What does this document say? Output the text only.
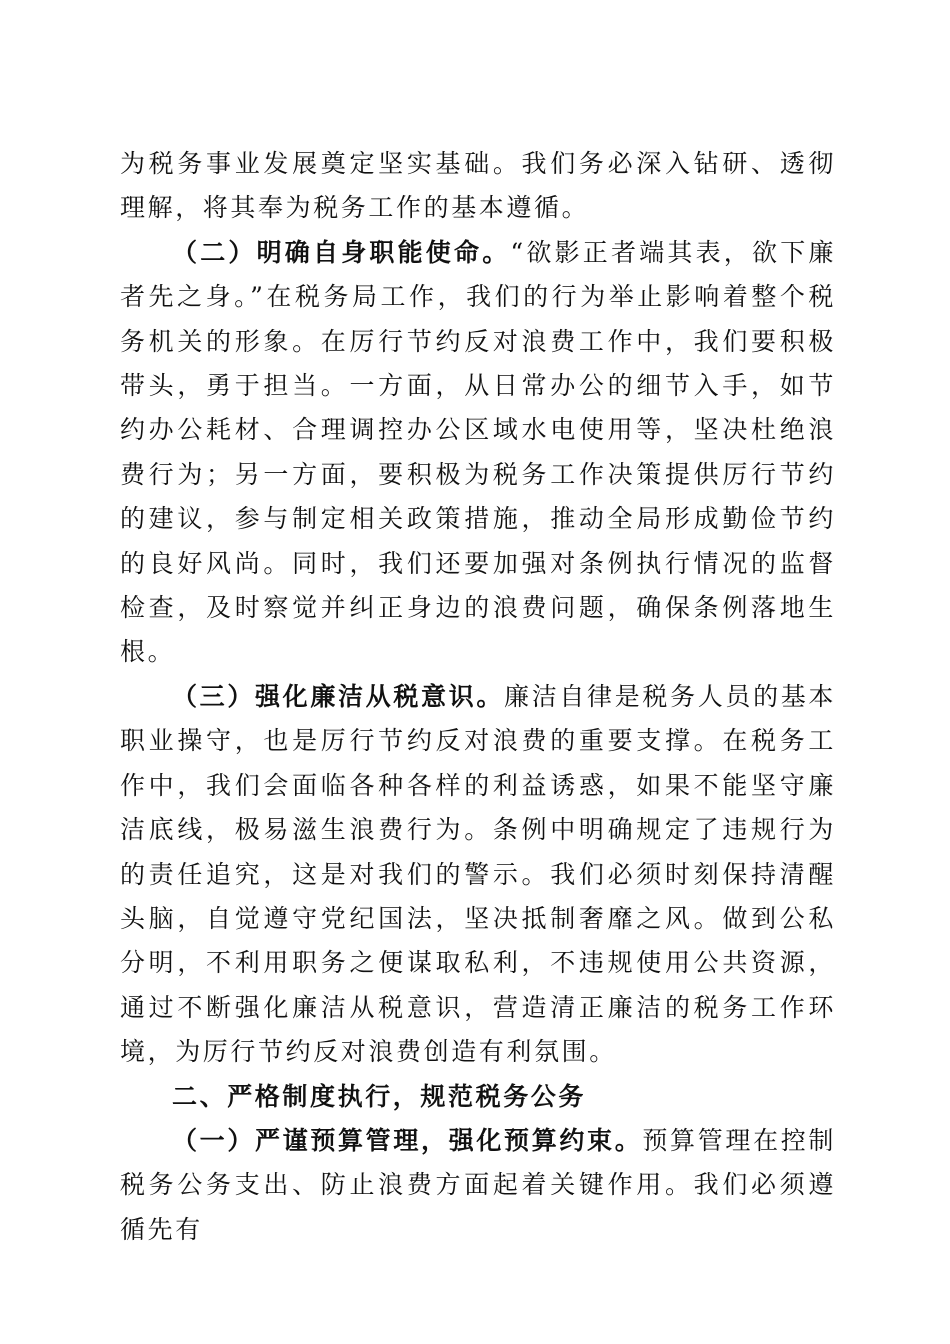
为税务事业发展奠定坚实基础。我们务必深入钻研、透彻理解，将其奉为税务工作的基本遵循。

（二）明确自身职能使命。“欲影正者端其表，欲下廉者先之身。”在税务局工作，我们的行为举止影响着整个税务机关的形象。在厉行节约反对浪费工作中，我们要积极带头，勇于担当。一方面，从日常办公的细节入手，如节约办公耗材、合理调控办公区域水电使用等，坚决杜绝浪费行为；另一方面，要积极为税务工作决策提供厉行节约的建议，参与制定相关政策措施，推动全局形成勤俭节约的良好风尚。同时，我们还要加强对条例执行情况的监督检查，及时察觉并纠正身边的浪费问题，确保条例落地生根。

（三）强化廉洁从税意识。廉洁自律是税务人员的基本职业操守，也是厉行节约反对浪费的重要支撑。在税务工作中，我们会面临各种各样的利益诱惑，如果不能坚守廉洁底线，极易滋生浪费行为。条例中明确规定了违规行为的责任追究，这是对我们的警示。我们必须时刻保持清醒头脑，自觉遵守党纪国法，坚决抵制奢靡之风。做到公私分明，不利用职务之便谋取私利，不违规使用公共资源，通过不断强化廉洁从税意识，营造清正廉洁的税务工作环境，为厉行节约反对浪费创造有利氛围。

二、严格制度执行，规范税务公务

（一）严谨预算管理，强化预算约束。预算管理在控制税务公务支出、防止浪费方面起着关键作用。我们必须遵循先有
